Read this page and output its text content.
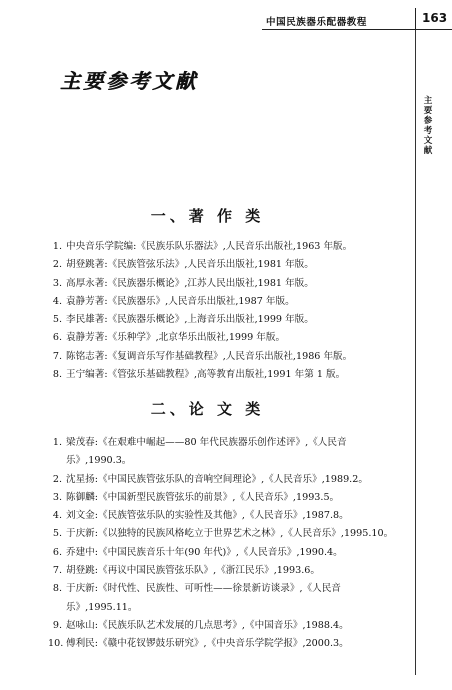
中国民族器乐配器教程	163
主要参考文献
主要参考文献
一、著 作 类
1. 中央音乐学院编:《民族乐队乐器法》,人民音乐出版社,1963 年版。
2. 胡登跳著:《民族管弦乐法》,人民音乐出版社,1981 年版。
3. 高厚永著:《民族器乐概论》,江苏人民出版社,1981 年版。
4. 袁静芳著:《民族器乐》,人民音乐出版社,1987 年版。
5. 李民雄著:《民族器乐概论》,上海音乐出版社,1999 年版。
6. 袁静芳著:《乐种学》,北京华乐出版社,1999 年版。
7. 陈铭志著:《复调音乐写作基础教程》,人民音乐出版社,1986 年版。
8. 王宁编著:《管弦乐基础教程》,高等教育出版社,1991 年第 1 版。
二、论 文 类
1. 梁茂春:《在艰难中崛起——80 年代民族器乐创作述评》,《人民音乐》,1990.3。
2. 沈星扬:《中国民族管弦乐队的音响空间理论》,《人民音乐》,1989.2。
3. 陈御麟:《中国新型民族管弦乐的前景》,《人民音乐》,1993.5。
4. 刘文金:《民族管弦乐队的实验性及其他》,《人民音乐》,1987.8。
5. 于庆新:《以独特的民族风格屹立于世界艺术之林》,《人民音乐》,1995.10。
6. 乔建中:《中国民族音乐十年(90 年代)》,《人民音乐》,1990.4。
7. 胡登跳:《再议中国民族管弦乐队》,《浙江民乐》,1993.6。
8. 于庆新:《时代性、民族性、可听性——徐景新访谈录》,《人民音乐》,1995.11。
9. 赵咏山:《民族乐队艺术发展的几点思考》,《中国音乐》,1988.4。
10. 傅利民:《赣中花钗锣鼓乐研究》,《中央音乐学院学报》,2000.3。
